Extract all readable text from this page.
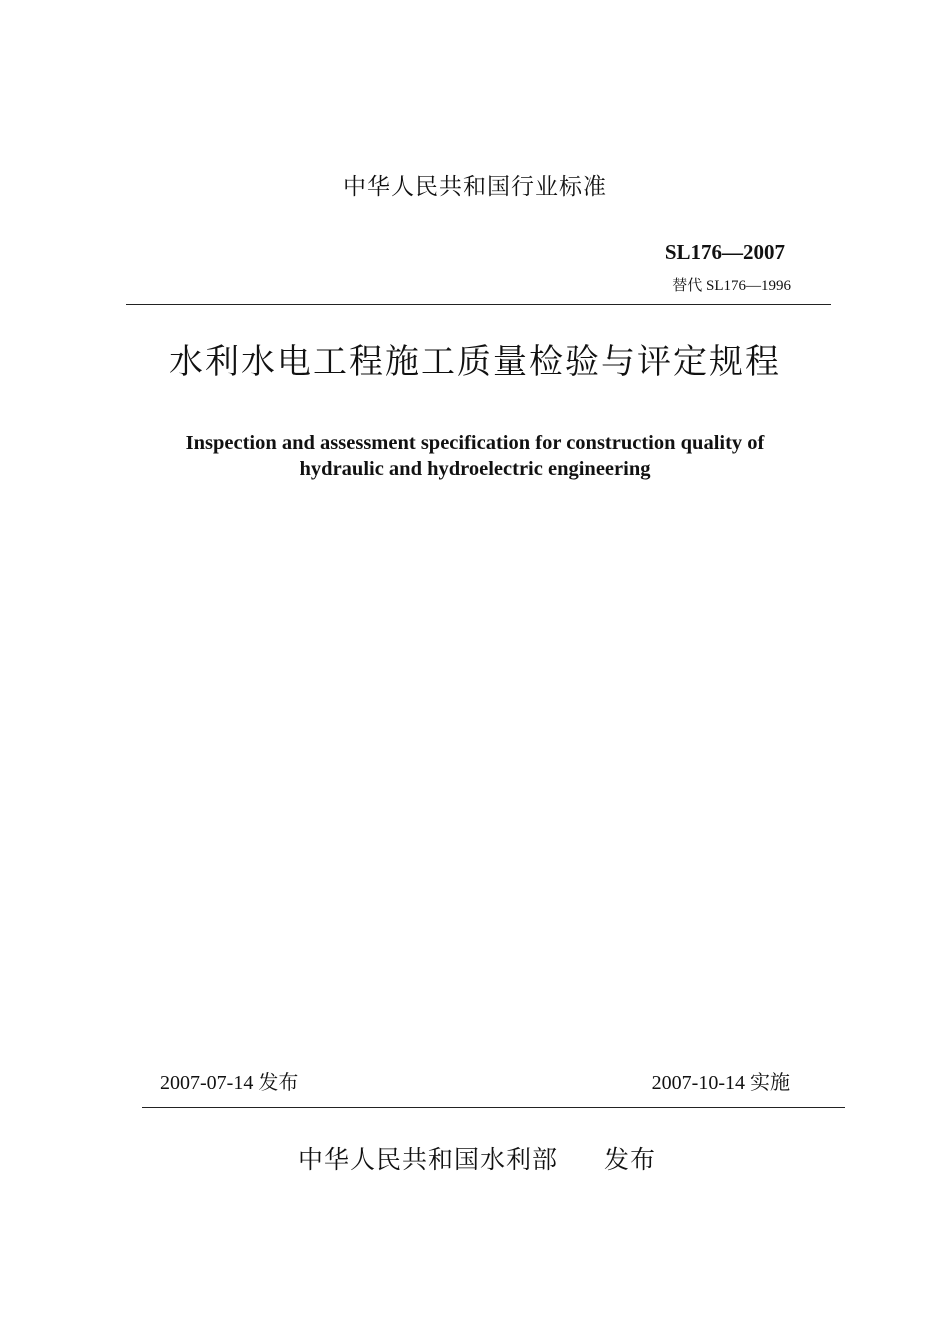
中华人民共和国行业标准
SL176—2007
替代 SL176—1996
水利水电工程施工质量检验与评定规程
Inspection and assessment specification for construction quality of
hydraulic and hydroelectric engineering
2007-07-14 发布	2007-10-14 实施
中华人民共和国水利部 发布
